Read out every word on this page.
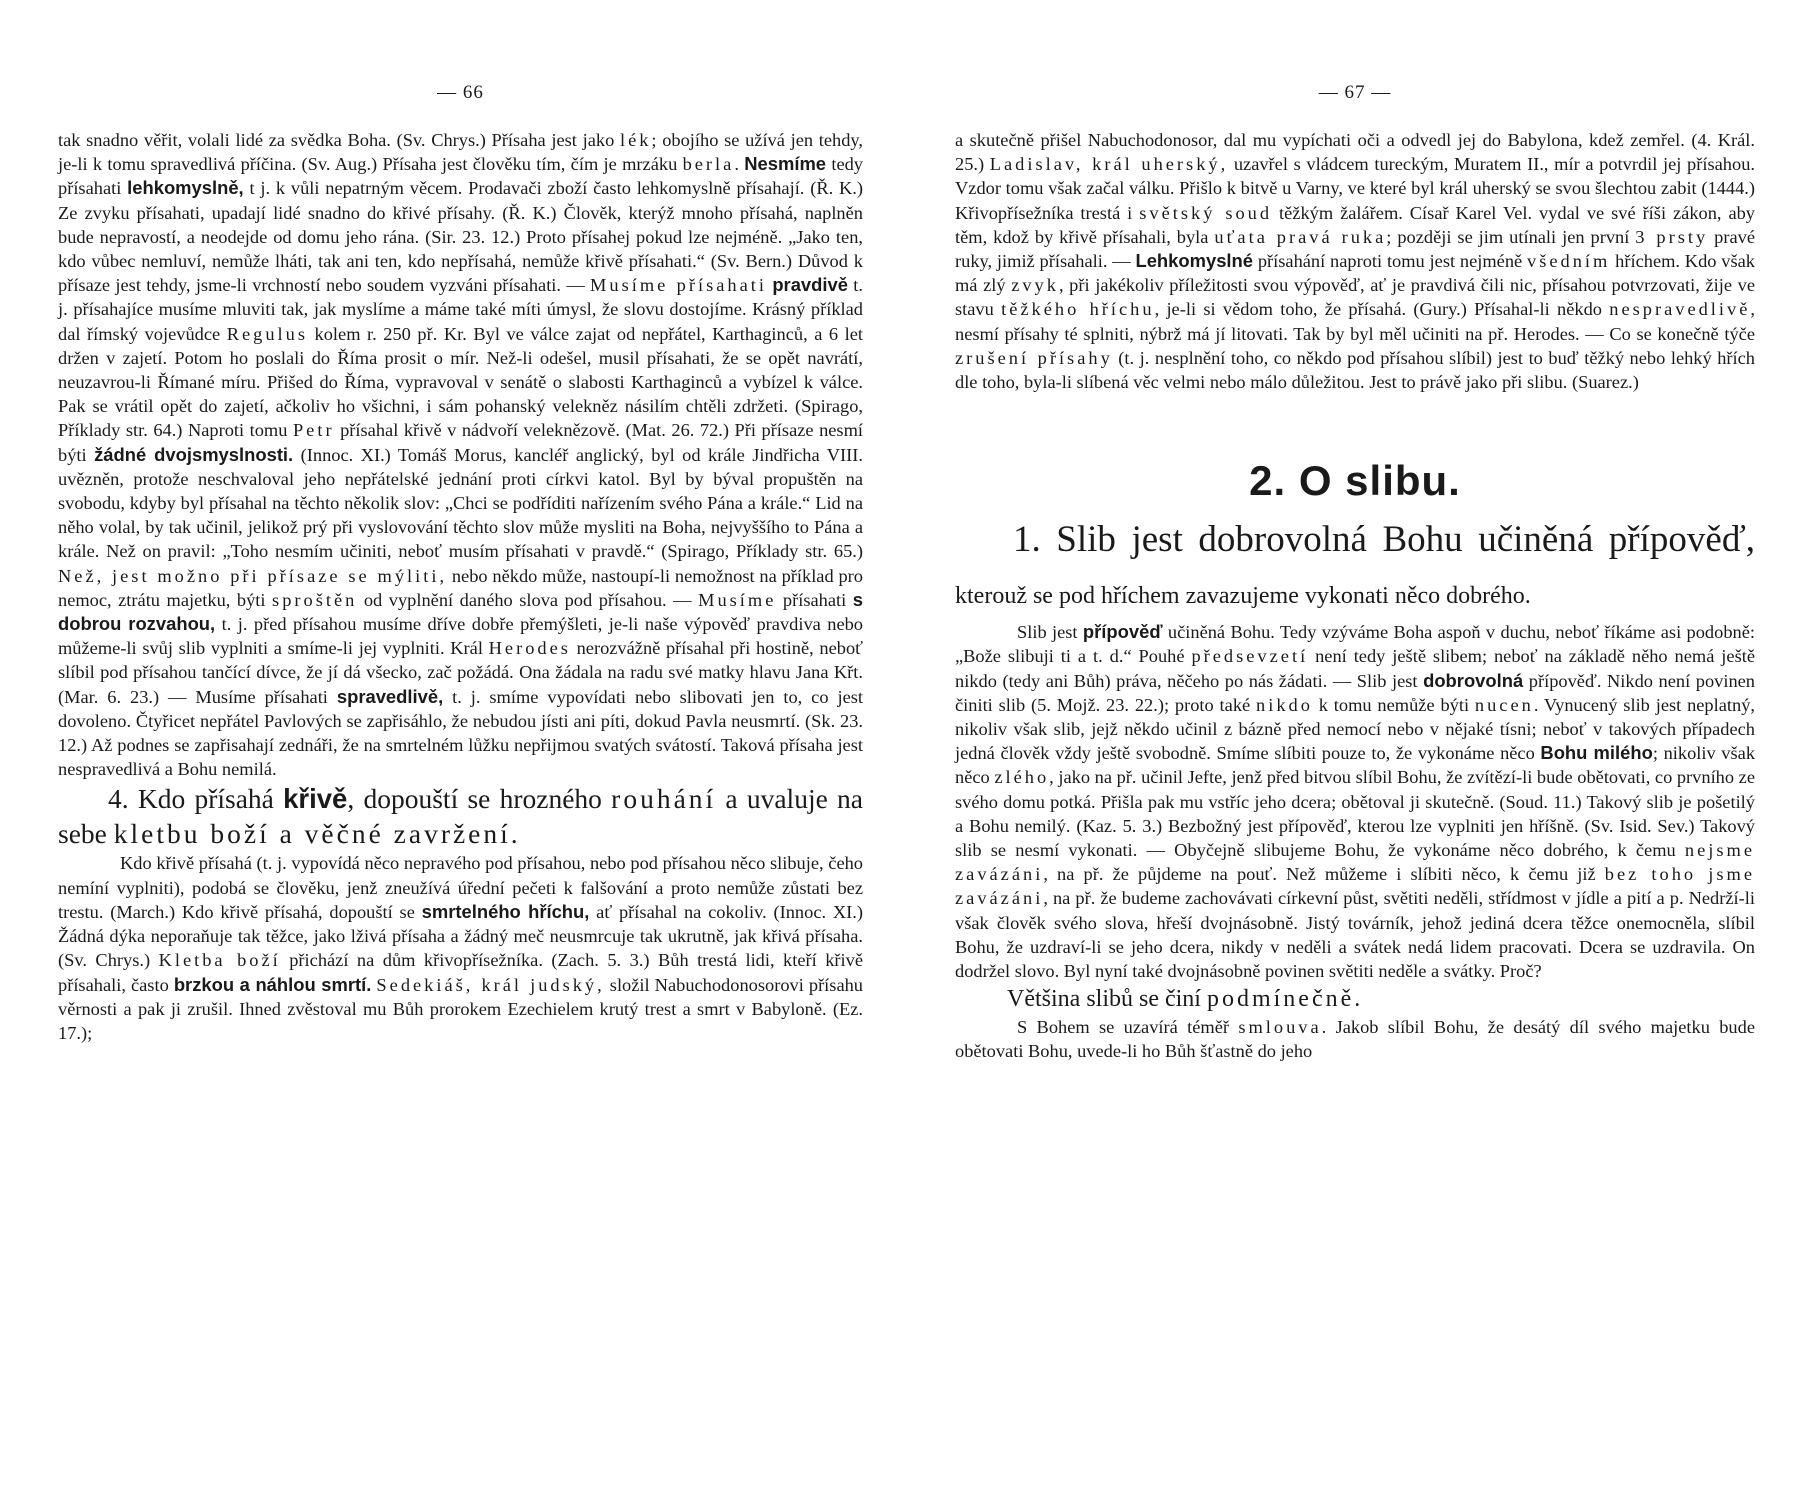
— 66

tak snadno věřit, volali lidé za svědka Boha. (Sv. Chrys.) Přísaha jest jako lék; obojího se užívá jen tehdy, je-li k tomu spravedlivá příčina. (Sv. Aug.) Přísaha jest člověku tím, čím je mrzáku berla. Nesmíme tedy přísahati lehkomyslně, t j. k vůli nepatrným věcem. Prodavači zboží často lehkomyslně přísahají. (Ř. K.) Ze zvyku přísahati, upadají lidé snadno do křivé přísahy. (Ř. K.) Člověk, kterýž mnoho přísahá, naplněn bude nepravostí, a neodejde od domu jeho rána. (Sir. 23. 12.) Proto přísahej pokud lze nejméně. „Jako ten, kdo vůbec nemluví, nemůže lháti, tak ani ten, kdo nepřísahá, nemůže křivě přísahati.“ (Sv. Bern.) Důvod k přísaze jest tehdy, jsme-li vrchností nebo soudem vyzváni přísahati. — Musíme přísahati pravdivě t. j. přísahajíce musíme mluviti tak, jak myslíme a máme také míti úmysl, že slovu dostojíme. Krásný příklad dal římský vojevůdce Regulus kolem r. 250 př. Kr. Byl ve válce zajat od nepřátel, Karthaginců, a 6 let držen v zajetí. Potom ho poslali do Říma prosit o mír. Než-li odešel, musil přísahati, že se opět navrátí, neuzavrou-li Římané míru. Přišed do Říma, vypravoval v senátě o slabosti Karthaginců a vybízel k válce. Pak se vrátil opět do zajetí, ačkoliv ho všichni, i sám pohanský velekněz násilím chtěli zdržeti. (Spirago, Příklady str. 64.) Naproti tomu Petr přísahal křivě v nádvoří veleknězově. (Mat. 26. 72.) Při přísaze nesmí býti žádné dvojsmyslnosti. (Innoc. XI.) Tomáš Morus, kancléř anglický, byl od krále Jindřicha VIII. uvězněn, protože neschvaloval jeho nepřátelské jednání proti církvi katol. Byl by býval propuštěn na svobodu, kdyby byl přísahal na těchto několik slov: „Chci se podříditi nařízením svého Pána a krále.“ Lid na něho volal, by tak učinil, jelikož prý při vyslovování těchto slov může mysliti na Boha, nejvyššího to Pána a krále. Než on pravil: „Toho nesmím učiniti, neboť musím přísahati v pravdě.“ (Spirago, Příklady str. 65.) Než, jest možno při přísaze se mýliti, nebo někdo může, nastoupí-li nemožnost na příklad pro nemoc, ztrátu majetku, býti sproštěn od vyplnění daného slova pod přísahou. — Musíme přísahati s dobrou rozvahou, t. j. před přísahou musíme dříve dobře přemýšleti, je-li naše výpověď pravdiva nebo můžeme-li svůj slib vyplniti a smíme-li jej vyplniti. Král Herodes nerozvážně přísahal při hostině, neboť slíbil pod přísahou tančící dívce, že jí dá všecko, zač požádá. Ona žádala na radu své matky hlavu Jana Křt. (Mar. 6. 23.) — Musíme přísahati spravedlivě, t. j. smíme vypovídati nebo slibovati jen to, co jest dovoleno. Čtyřicet nepřátel Pavlových se zapřisáhlo, že nebudou jísti ani píti, dokud Pavla neusmrtí. (Sk. 23. 12.) Až podnes se zapřisahají zednáři, že na smrtelném lůžku nepřijmou svatých svátostí. Taková přísaha jest nespravedlivá a Bohu nemilá.

4. Kdo přísahá křivě, dopouští se hrozného rouhání a uvaluje na sebe kletbu boží a věčné zavržení.

Kdo křivě přísahá (t. j. vypovídá něco nepravého pod přísahou, nebo pod přísahou něco slibuje, čeho nemíní vyplniti), podobá se člověku, jenž zneužívá úřední pečeti k falšování a proto nemůže zůstati bez trestu. (March.) Kdo křivě přísahá, dopouští se smrtelného hříchu, ať přísahal na cokoliv. (Innoc. XI.) Žádná dýka neporaňuje tak těžce, jako lživá přísaha a žádný meč neusmrcuje tak ukrutně, jak křivá přísaha. (Sv. Chrys.) Kletba boží přichází na dům křivopřísežníka. (Zach. 5. 3.) Bůh trestá lidi, kteří křivě přísahali, často brzkou a náhlou smrtí. Sedekiáš, král judský, složil Nabuchodonosorovi přísahu věrnosti a pak ji zrušil. Ihned zvěstoval mu Bůh prorokem Ezechielem krutý trest a smrt v Babyloně. (Ez. 17.);

— 67 —

a skutečně přišel Nabuchodonosor, dal mu vypíchati oči a odvedl jej do Babylona, kdež zemřel. (4. Král. 25.) Ladislav, král uherský, uzavřel s vládcem tureckým, Muratem II., mír a potvrdil jej přísahou. Vzdor tomu však začal válku. Přišlo k bitvě u Varny, ve které byl král uherský se svou šlechtou zabit (1444.) Křivopřísežníka trestá i světský soud těžkým žalářem. Císař Karel Vel. vydal ve své říši zákon, aby těm, kdož by křivě přísahali, byla uťata pravá ruka; později se jim utínali jen první 3 prsty pravé ruky, jimiž přísahali. — Lehkomyslné přísahání naproti tomu jest nejméně všedním hříchem. Kdo však má zlý zvyk, při jakékoliv příležitosti svou výpověď, ať je pravdivá čili nic, přísahou potvrzovati, žije ve stavu těžkého hříchu, je-li si vědom toho, že přísahá. (Gury.) Přísahal-li někdo nespravedlivě, nesmí přísahy té splniti, nýbrž má jí litovati. Tak by byl měl učiniti na př. Herodes. — Co se konečně týče zrušení přísahy (t. j. nesplnění toho, co někdo pod přísahou slíbil) jest to buď těžký nebo lehký hřích dle toho, byla-li slíbená věc velmi nebo málo důležitou. Jest to právě jako při slibu. (Suarez.)

2. O slibu.

1. Slib jest dobrovolná Bohu učiněná přípověď, kterouž se pod hříchem zavazujeme vykonati něco dobrého.

Slib jest přípověď učiněná Bohu. Tedy vzýváme Boha aspoň v duchu, neboť říkáme asi podobně: „Bože slibuji ti a t. d.“ Pouhé předsevzetí není tedy ještě slibem; neboť na základě něho nemá ještě nikdo (tedy ani Bůh) práva, něčeho po nás žádati. — Slib jest dobrovolná přípověď. Nikdo není povinen činiti slib (5. Mojž. 23. 22.); proto také nikdo k tomu nemůže býti nucen. Vynucený slib jest neplatný, nikoliv však slib, jejž někdo učinil z bázně před nemocí nebo v nějaké tísni; neboť v takových případech jedná člověk vždy ještě svobodně. Smíme slíbiti pouze to, že vykonáme něco Bohu milého; nikoliv však něco zlého, jako na př. učinil Jefte, jenž před bitvou slíbil Bohu, že zvítězí-li bude obětovati, co prvního ze svého domu potká. Přišla pak mu vstříc jeho dcera; obětoval ji skutečně. (Soud. 11.) Takový slib je pošetilý a Bohu nemilý. (Kaz. 5. 3.) Bezbožný jest přípověď, kterou lze vyplniti jen hříšně. (Sv. Isid. Sev.) Takový slib se nesmí vykonati. — Obyčejně slibujeme Bohu, že vykonáme něco dobrého, k čemu nejsme zavázáni, na př. že půjdeme na pouť. Než můžeme i slíbiti něco, k čemu již bez toho jsme zavázáni, na př. že budeme zachovávati církevní půst, světiti neděli, střídmost v jídle a pití a p. Nedrží-li však člověk svého slova, hřeší dvojnásobně. Jistý továrník, jehož jediná dcera těžce onemocněla, slíbil Bohu, že uzdraví-li se jeho dcera, nikdy v neděli a svátek nedá lidem pracovati. Dcera se uzdravila. On dodržel slovo. Byl nyní také dvojnásobně povinen světiti neděle a svátky. Proč?

Většina slibů se činí podmínečně.

S Bohem se uzavírá téměř smlouva. Jakob slíbil Bohu, že desátý díl svého majetku bude obětovati Bohu, uvede-li ho Bůh šťastně do jeho
